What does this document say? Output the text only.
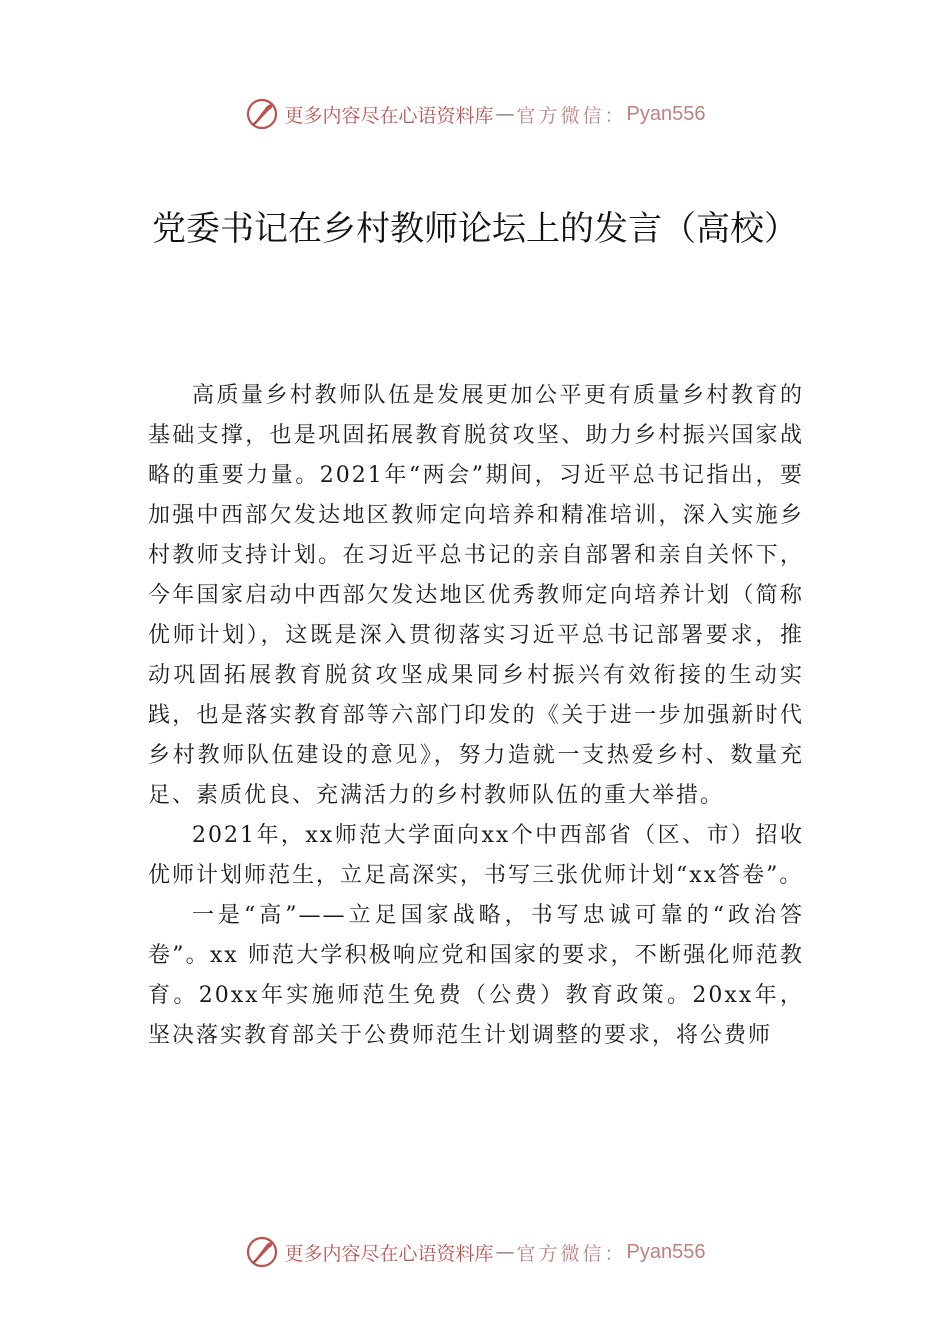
更多内容尽在心语资料库 — 官方微信： Pyan556
党委书记在乡村教师论坛上的发言（高校）

高质量乡村教师队伍是发展更加公平更有质量乡村教育的基础支撑，也是巩固拓展教育脱贫攻坚、助力乡村振兴国家战略的重要力量。2021年“两会”期间，习近平总书记指出，要加强中西部欠发达地区教师定向培养和精准培训，深入实施乡村教师支持计划。在习近平总书记的亲自部署和亲自关怀下，今年国家启动中西部欠发达地区优秀教师定向培养计划（简称优师计划），这既是深入贯彻落实习近平总书记部署要求，推动巩固拓展教育脱贫攻坚成果同乡村振兴有效衔接的生动实践，也是落实教育部等六部门印发的《关于进一步加强新时代乡村教师队伍建设的意见》，努力造就一支热爱乡村、数量充足、素质优良、充满活力的乡村教师队伍的重大举措。

2021年，xx师范大学面向xx个中西部省（区、市）招收优师计划师范生，立足高深实，书写三张优师计划“xx答卷”。

一是“高”——立足国家战略，书写忠诚可靠的“政治答卷”。xx 师范大学积极响应党和国家的要求，不断强化师范教育。20xx年实施师范生免费（公费）教育政策。20xx年， 坚决落实教育部关于公费师范生计划调整的要求，将公费师

更多内容尽在心语资料库 — 官方微信： Pyan556
